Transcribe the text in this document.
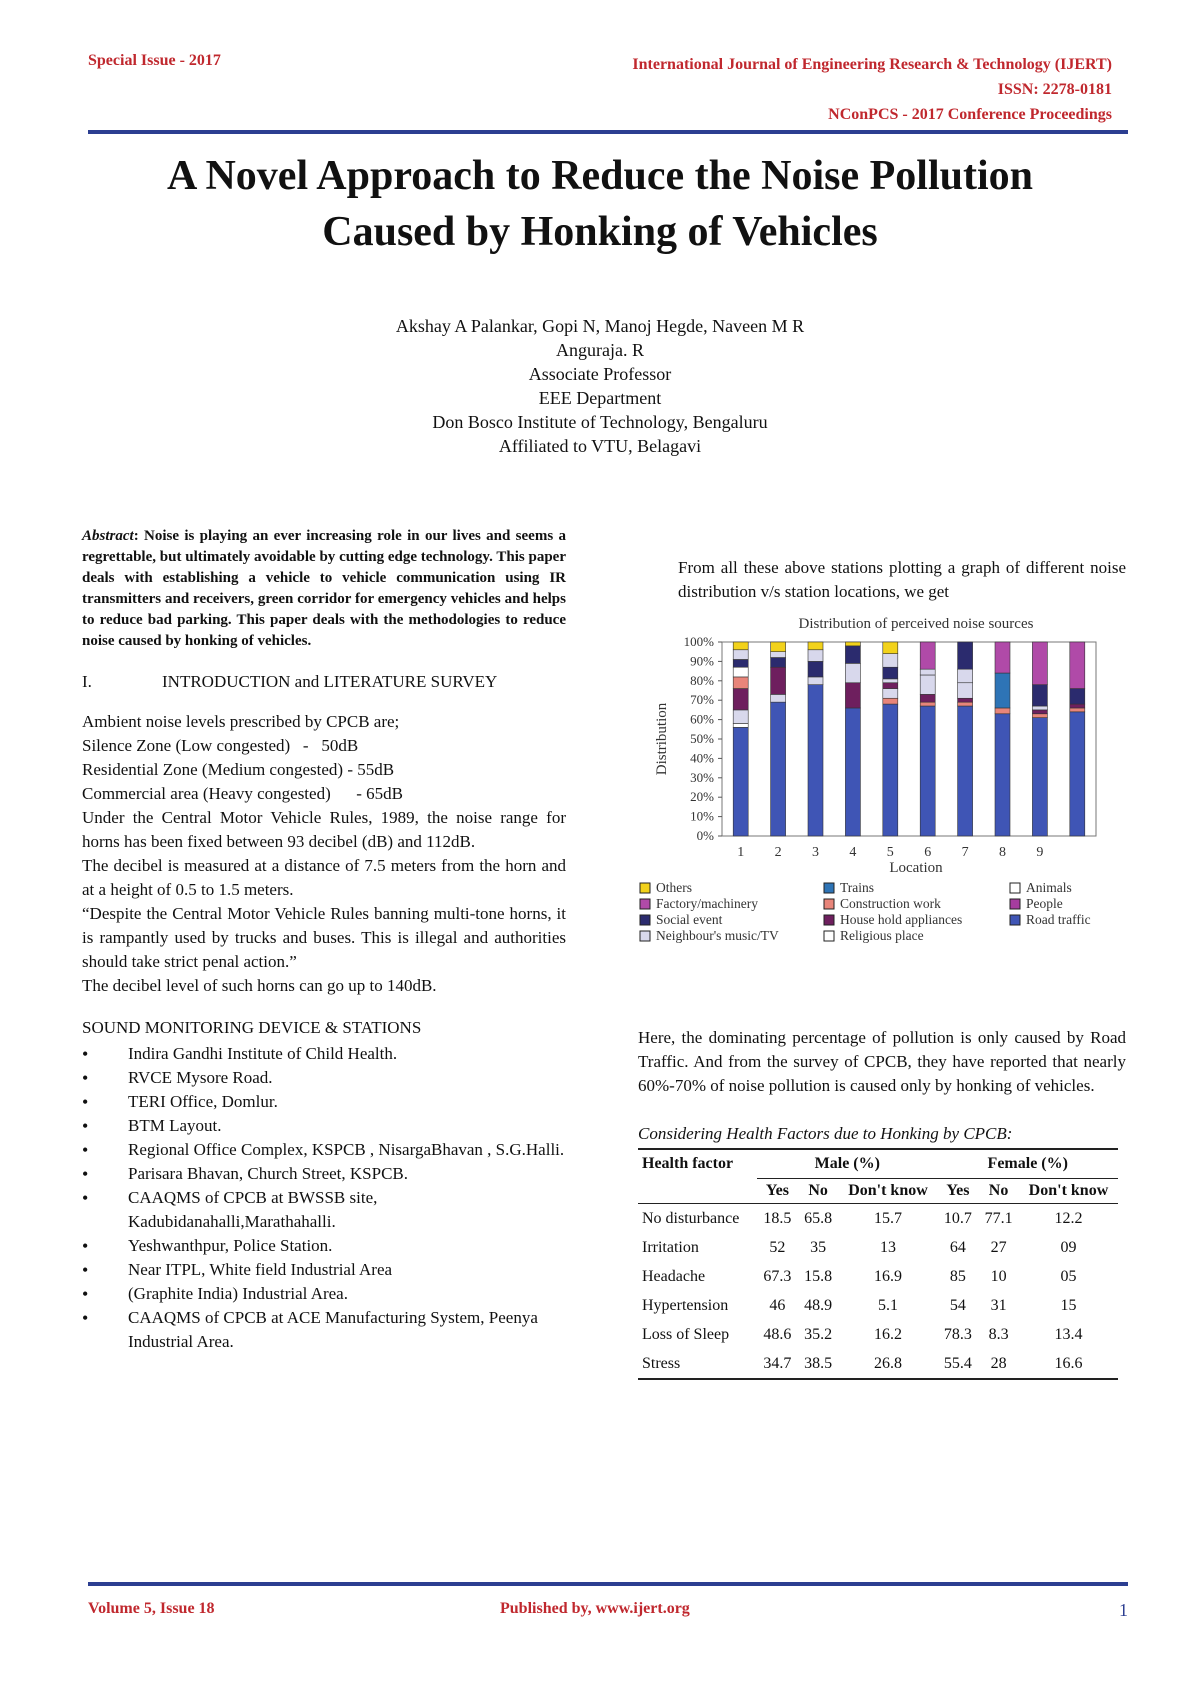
Special Issue - 2017	International Journal of Engineering Research & Technology (IJERT)
ISSN: 2278-0181
NConPCS - 2017 Conference Proceedings
A Novel Approach to Reduce the Noise Pollution
Caused by Honking of Vehicles
Akshay A Palankar, Gopi N, Manoj Hegde, Naveen M R
Anguraja. R
Associate Professor
EEE Department
Don Bosco Institute of Technology, Bengaluru
Affiliated to VTU, Belagavi
Abstract: Noise is playing an ever increasing role in our lives and seems a regrettable, but ultimately avoidable by cutting edge technology. This paper deals with establishing a vehicle to vehicle communication using IR transmitters and receivers, green corridor for emergency vehicles and helps to reduce bad parking. This paper deals with the methodologies to reduce noise caused by honking of vehicles.
I.	INTRODUCTION and LITERATURE SURVEY
Ambient noise levels prescribed by CPCB are;
Silence Zone (Low congested)   -   50dB
Residential Zone (Medium congested) - 55dB
Commercial area (Heavy congested)      - 65dB
Under the Central Motor Vehicle Rules, 1989, the noise range for horns has been fixed between 93 decibel (dB) and 112dB.
The decibel is measured at a distance of 7.5 meters from the horn and at a height of 0.5 to 1.5 meters.
“Despite the Central Motor Vehicle Rules banning multi-tone horns, it is rampantly used by trucks and buses. This is illegal and authorities should take strict penal action.”
The decibel level of such horns can go up to 140dB.
SOUND MONITORING DEVICE & STATIONS
• Indira Gandhi Institute of Child Health.
• RVCE Mysore Road.
• TERI Office, Domlur.
• BTM Layout.
• Regional Office Complex, KSPCB , NisargaBhavan , S.G.Halli.
• Parisara Bhavan, Church Street, KSPCB.
• CAAQMS of CPCB at BWSSB site, Kadubidanahalli,Marathahalli.
• Yeshwanthpur, Police Station.
• Near ITPL, White field Industrial Area
• (Graphite India) Industrial Area.
• CAAQMS of CPCB at ACE Manufacturing System, Peenya Industrial Area.
From all these above stations plotting a graph of different noise distribution v/s station locations, we get
Distribution of perceived noise sources
0%
10%
20%
30%
40%
50%
60%
70%
80%
90%
100%
Distribution
1 2 3 4 5 6 7 8 9
Location
Others	Trains	Animals
Factory/machinery	Construction work	People
Social event	House hold appliances	Road traffic
Neighbour's music/TV	Religious place
Here, the dominating percentage of pollution is only caused by Road Traffic. And from the survey of CPCB, they have reported that nearly 60%-70% of noise pollution is caused only by honking of vehicles.
Considering Health Factors due to Honking by CPCB:
Health factor	Male (%)			Female (%)		
	Yes	No	Don't know	Yes	No	Don't know
No disturbance	18.5	65.8	15.7	10.7	77.1	12.2
Irritation	52	35	13	64	27	09
Headache	67.3	15.8	16.9	85	10	05
Hypertension	46	48.9	5.1	54	31	15
Loss of Sleep	48.6	35.2	16.2	78.3	8.3	13.4
Stress	34.7	38.5	26.8	55.4	28	16.6
Volume 5, Issue 18	Published by, www.ijert.org	1
